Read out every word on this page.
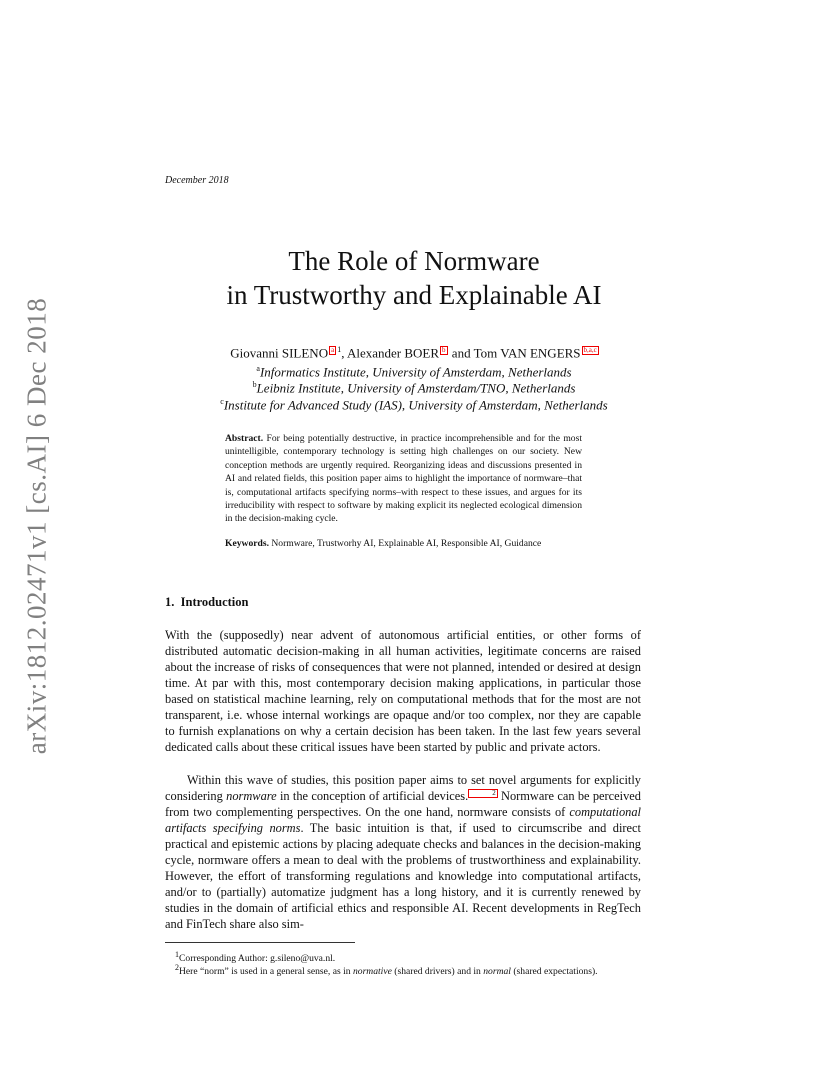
arXiv:1812.02471v1 [cs.AI] 6 Dec 2018
December 2018
The Role of Normware
in Trustworthy and Explainable AI
Giovanni SILENO a $^1$, Alexander BOER b and Tom VAN ENGERS b,a,c
$^a$Informatics Institute, University of Amsterdam, Netherlands
$^b$Leibniz Institute, University of Amsterdam/TNO, Netherlands
$^c$Institute for Advanced Study (IAS), University of Amsterdam, Netherlands
Abstract. For being potentially destructive, in practice incomprehensible and for the most unintelligible, contemporary technology is setting high challenges on our society. New conception methods are urgently required. Reorganizing ideas and discussions presented in AI and related fields, this position paper aims to highlight the importance of normware–that is, computational artifacts specifying norms–with respect to these issues, and argues for its irreducibility with respect to software by making explicit its neglected ecological dimension in the decision-making cycle.
Keywords. Normware, Trustworhy AI, Explainable AI, Responsible AI, Guidance
1. Introduction
With the (supposedly) near advent of autonomous artificial entities, or other forms of distributed automatic decision-making in all human activities, legitimate concerns are raised about the increase of risks of consequences that were not planned, intended or desired at design time. At par with this, most contemporary decision making applications, in particular those based on statistical machine learning, rely on computational methods that for the most are not transparent, i.e. whose internal workings are opaque and/or too complex, nor they are capable to furnish explanations on why a certain decision has been taken. In the last few years several dedicated calls about these critical issues have been started by public and private actors.
Within this wave of studies, this position paper aims to set novel arguments for explicitly considering normware in the conception of artificial devices.	2 Normware can be perceived from two complementing perspectives. On the one hand, normware consists of computational artifacts specifying norms. The basic intuition is that, if used to circumscribe and direct practical and epistemic actions by placing adequate checks and balances in the decision-making cycle, normware offers a mean to deal with the problems of trustworthiness and explainability. However, the effort of transforming regulations and knowledge into computational artifacts, and/or to (partially) automatize judgment has a long history, and it is currently renewed by studies in the domain of artificial ethics and responsible AI. Recent developments in RegTech and FinTech share also sim-
$^1$Corresponding Author: g.sileno@uva.nl.
$^2$Here “norm” is used in a general sense, as in normative (shared drivers) and in normal (shared expectations).
